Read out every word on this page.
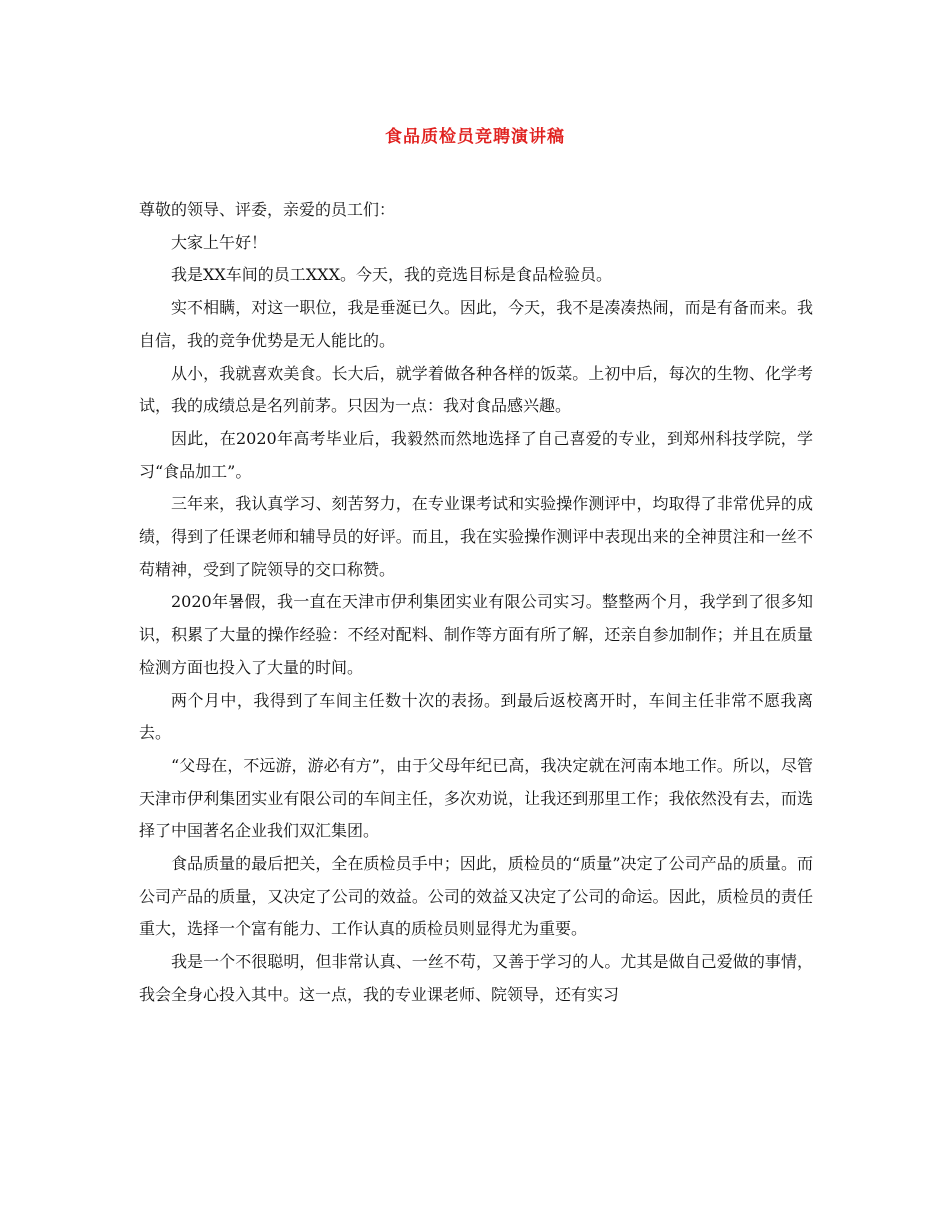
食品质检员竞聘演讲稿

尊敬的领导、评委，亲爱的员工们：

大家上午好！

我是XX车间的员工XXX。今天，我的竞选目标是食品检验员。

实不相瞒，对这一职位，我是垂涎已久。因此，今天，我不是凑凑热闹，而是有备而来。我自信，我的竞争优势是无人能比的。

从小，我就喜欢美食。长大后，就学着做各种各样的饭菜。上初中后，每次的生物、化学考试，我的成绩总是名列前茅。只因为一点：我对食品感兴趣。

因此，在2020年高考毕业后，我毅然而然地选择了自己喜爱的专业，到郑州科技学院，学习“食品加工”。

三年来，我认真学习、刻苦努力，在专业课考试和实验操作测评中，均取得了非常优异的成绩，得到了任课老师和辅导员的好评。而且，我在实验操作测评中表现出来的全神贯注和一丝不苟精神，受到了院领导的交口称赞。

2020年暑假，我一直在天津市伊利集团实业有限公司实习。整整两个月，我学到了很多知识，积累了大量的操作经验：不经对配料、制作等方面有所了解，还亲自参加制作；并且在质量检测方面也投入了大量的时间。

两个月中，我得到了车间主任数十次的表扬。到最后返校离开时，车间主任非常不愿我离去。

“父母在，不远游，游必有方”，由于父母年纪已高，我决定就在河南本地工作。所以，尽管天津市伊利集团实业有限公司的车间主任，多次劝说，让我还到那里工作；我依然没有去，而选择了中国著名企业我们双汇集团。

食品质量的最后把关，全在质检员手中；因此，质检员的“质量”决定了公司产品的质量。而公司产品的质量，又决定了公司的效益。公司的效益又决定了公司的命运。因此，质检员的责任重大，选择一个富有能力、工作认真的质检员则显得尤为重要。

我是一个不很聪明，但非常认真、一丝不苟，又善于学习的人。尤其是做自己爱做的事情，我会全身心投入其中。这一点，我的专业课老师、院领导，还有实习
